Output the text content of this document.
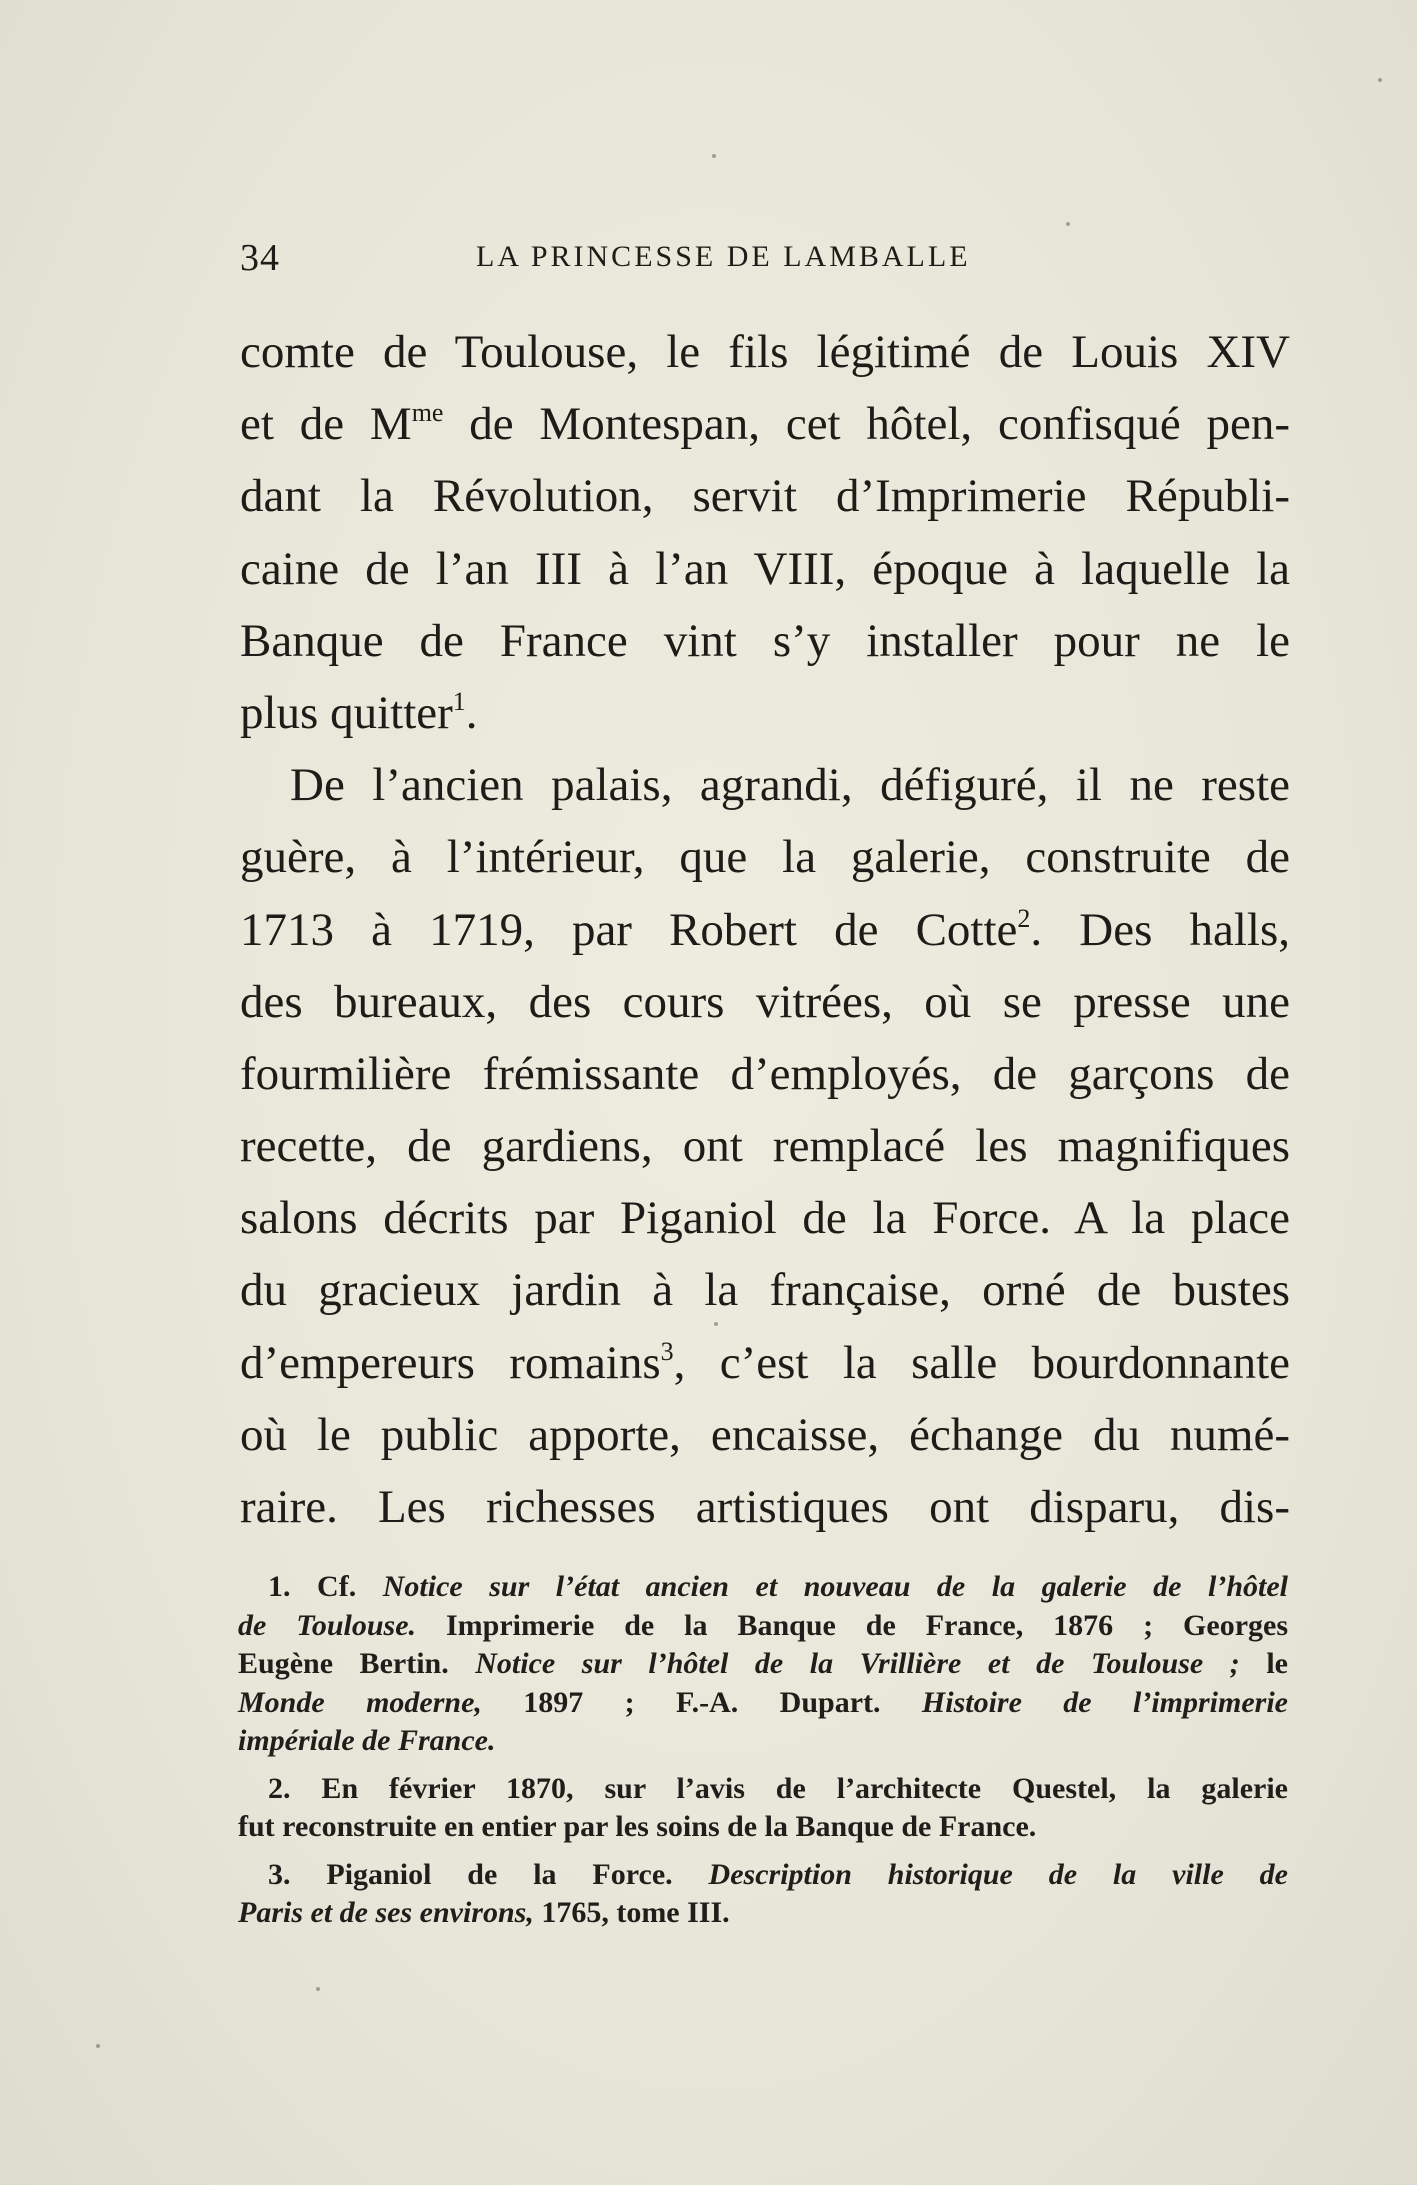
34	LA PRINCESSE DE LAMBALLE
comte de Toulouse, le fils légitimé de Louis XIV
et de $M^{me}$ de Montespan, cet hôtel, confisqué pen-
dant la Révolution, servit d’Imprimerie Républi-
caine de l’an III à l’an VIII, époque à laquelle la
Banque de France vint s’y installer pour ne le
plus quitter$^1$.
De l’ancien palais, agrandi, défiguré, il ne reste
guère, à l’intérieur, que la galerie, construite de
1713 à 1719, par Robert de Cotte$^2$. Des halls,
des bureaux, des cours vitrées, où se presse une
fourmilière frémissante d’employés, de garçons de
recette, de gardiens, ont remplacé les magnifiques
salons décrits par Piganiol de la Force. A la place
du gracieux jardin à la française, orné de bustes
d’empereurs romains$^3$, c’est la salle bourdonnante
où le public apporte, encaisse, échange du numé-
raire. Les richesses artistiques ont disparu, dis-
1. Cf. Notice sur l’état ancien et nouveau de la galerie de l’hôtel
de Toulouse. Imprimerie de la Banque de France, 1876 ; Georges
Eugène Bertin. Notice sur l’hôtel de la Vrillière et de Toulouse ; le
Monde moderne, 1897 ; F.-A. Dupart. Histoire de l’imprimerie
impériale de France.
2. En février 1870, sur l’avis de l’architecte Questel, la galerie
fut reconstruite en entier par les soins de la Banque de France.
3. Piganiol de la Force. Description historique de la ville de
Paris et de ses environs, 1765, tome III.
